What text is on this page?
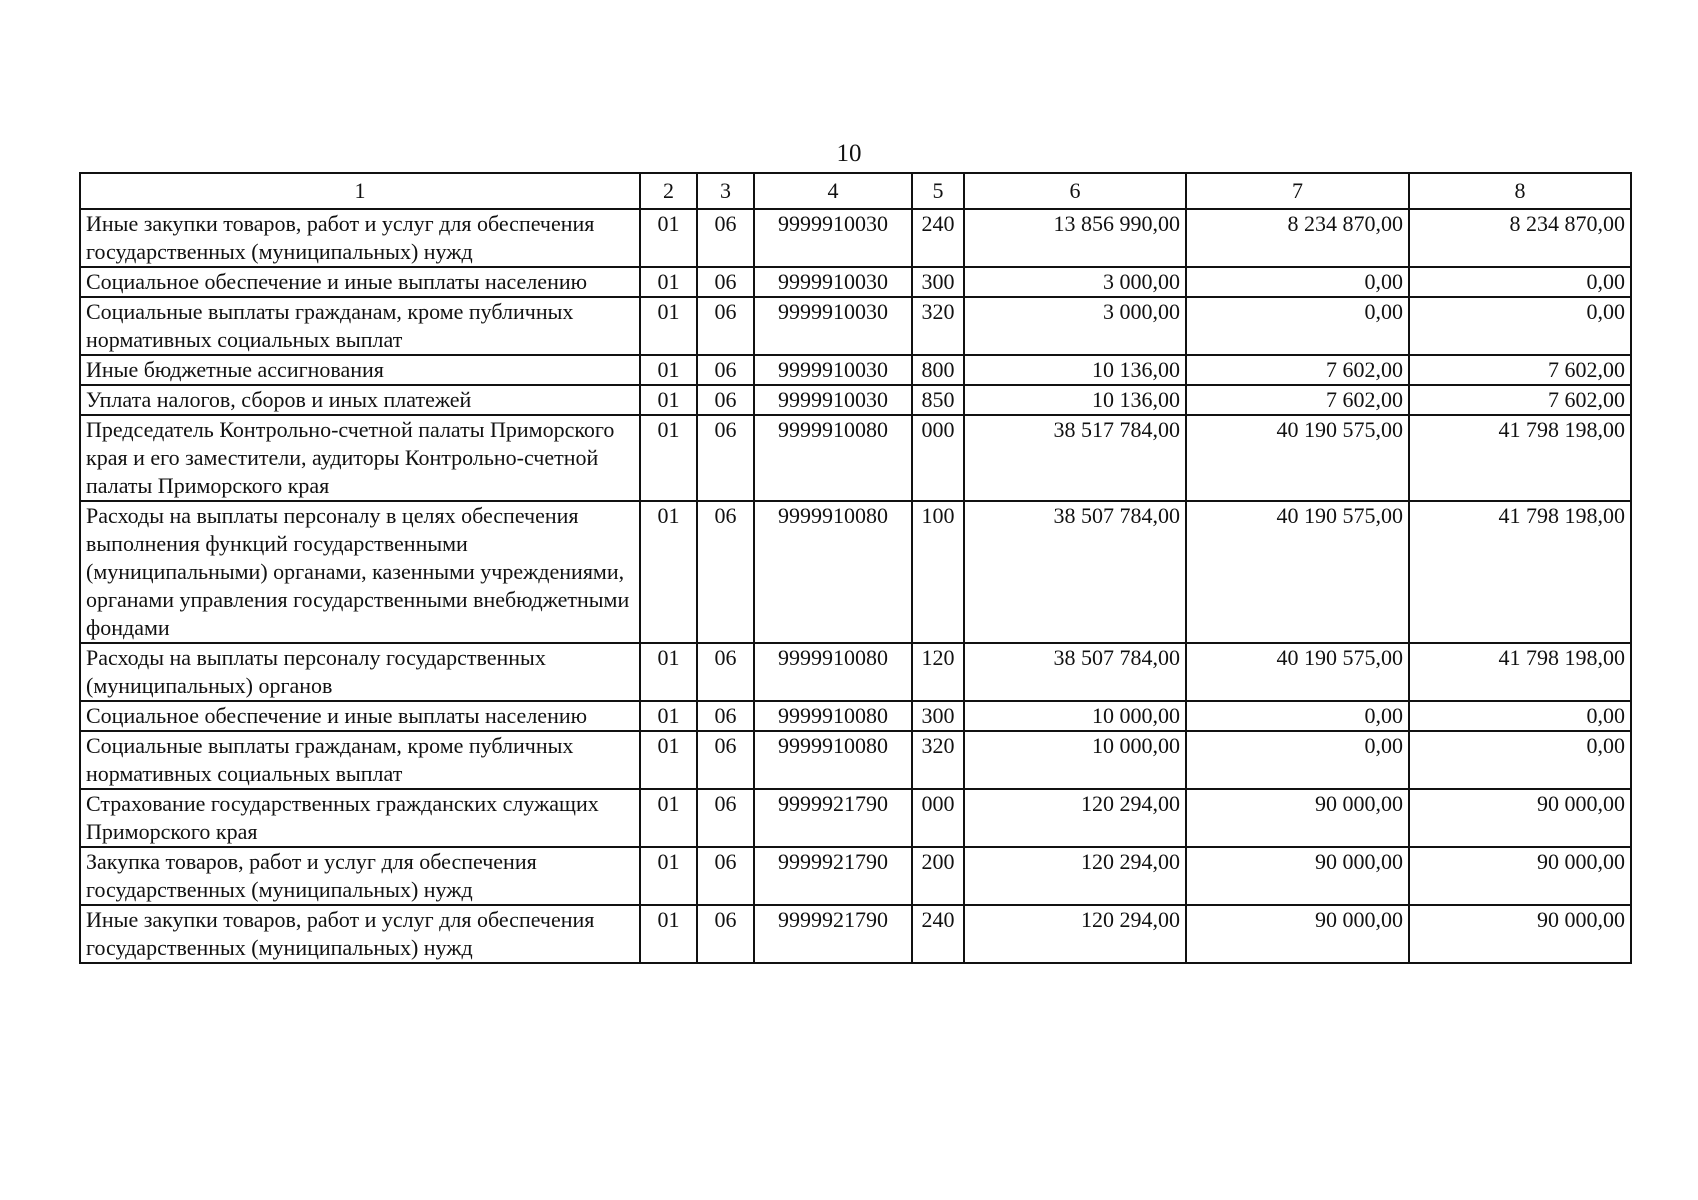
10
1	2	3	4	5	6	7	8
Иные закупки товаров, работ и услуг для обеспечения государственных (муниципальных) нужд	01	06	9999910030	240	13 856 990,00	8 234 870,00	8 234 870,00
Социальное обеспечение и иные выплаты населению	01	06	9999910030	300	3 000,00	0,00	0,00
Социальные выплаты гражданам, кроме публичных нормативных социальных выплат	01	06	9999910030	320	3 000,00	0,00	0,00
Иные бюджетные ассигнования	01	06	9999910030	800	10 136,00	7 602,00	7 602,00
Уплата налогов, сборов и иных платежей	01	06	9999910030	850	10 136,00	7 602,00	7 602,00
Председатель Контрольно-счетной палаты Приморского края и его заместители, аудиторы Контрольно-счетной палаты Приморского края	01	06	9999910080	000	38 517 784,00	40 190 575,00	41 798 198,00
Расходы на выплаты персоналу в целях обеспечения выполнения функций государственными (муниципальными) органами, казенными учреждениями, органами управления государственными внебюджетными фондами	01	06	9999910080	100	38 507 784,00	40 190 575,00	41 798 198,00
Расходы на выплаты персоналу государственных (муниципальных) органов	01	06	9999910080	120	38 507 784,00	40 190 575,00	41 798 198,00
Социальное обеспечение и иные выплаты населению	01	06	9999910080	300	10 000,00	0,00	0,00
Социальные выплаты гражданам, кроме публичных нормативных социальных выплат	01	06	9999910080	320	10 000,00	0,00	0,00
Страхование государственных гражданских служащих Приморского края	01	06	9999921790	000	120 294,00	90 000,00	90 000,00
Закупка товаров, работ и услуг для обеспечения государственных (муниципальных) нужд	01	06	9999921790	200	120 294,00	90 000,00	90 000,00
Иные закупки товаров, работ и услуг для обеспечения государственных (муниципальных) нужд	01	06	9999921790	240	120 294,00	90 000,00	90 000,00
